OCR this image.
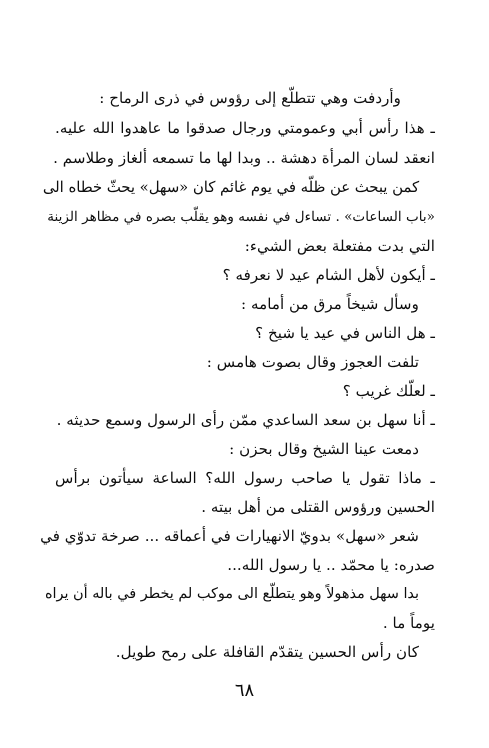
وأردفت وهي تتطلّع إلى رؤوس في ذرى الرماح :
ـ هذا رأس أبي وعمومتي ورجال صدقوا ما عاهدوا الله عليه.
انعقد لسان المرأة دهشة .. وبدا لها ما تسمعه ألغاز وطلاسم .
كمن يبحث عن ظلّه في يوم غائم كان «سهل» يحثّ خطاه الى
«باب الساعات» . تساءل في نفسه وهو يقلّب بصره في مظاهر الزينة
التي بدت مفتعلة بعض الشيء:
ـ أيكون لأهل الشام عيد لا نعرفه ؟
وسأل شيخاً مرق من أمامه :
ـ هل الناس في عيد يا شيخ ؟
تلفت العجوز وقال بصوت هامس :
ـ لعلّك غريب ؟
ـ أنا سهل بن سعد الساعدي ممّن رأى الرسول وسمع حديثه .
دمعت عينا الشيخ وقال بحزن :
ـ ماذا تقول يا صاحب رسول الله؟ الساعة سيأتون برأس
الحسين ورؤوس القتلى من أهل بيته .
شعر «سهل» بدويّ الانهيارات في أعماقه ... صرخة تدوّي في
صدره: يا محمّد .. يا رسول الله...
بدا سهل مذهولاً وهو يتطلّع الى موكب لم يخطر في باله أن يراه
يوماً ما .
كان رأس الحسين يتقدّم القافلة على رمح طويل.
٦٨
